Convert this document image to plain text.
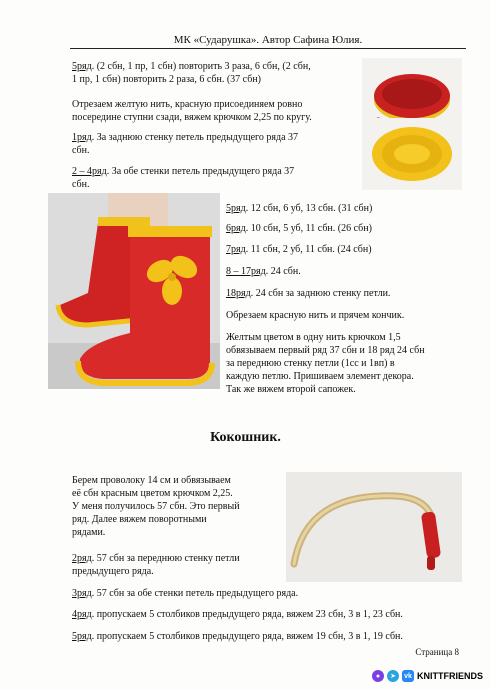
МК «Сударушка». Автор Сафина Юлия.
5ряд. (2 сбн, 1 пр, 1 сбн) повторить 3 раза, 6 сбн, (2 сбн,
1 пр, 1 сбн) повторить 2 раза, 6 сбн. (37 сбн)
Отрезаем желтую нить, красную присоединяем ровно
посередине ступни сзади, вяжем крючком 2,25 по кругу.
1ряд. За заднюю стенку петель предыдущего ряда 37
сбн.
2 – 4ряд. За обе стенки петель предыдущего ряда 37
сбн.
5ряд. 12 сбн, 6 уб, 13 сбн. (31 сбн)
6ряд. 10 сбн, 5 уб, 11 сбн. (26 сбн)
7ряд. 11 сбн, 2 уб, 11 сбн. (24 сбн)
8 – 17ряд. 24 сбн.
18ряд. 24 сбн за заднюю стенку петли.
Обрезаем красную нить и прячем кончик.
Желтым цветом в одну нить крючком 1,5
обвязываем первый ряд 37 сбн и 18 ряд 24 сбн
за переднюю стенку петли (1сс и 1вп) в
каждую петлю. Пришиваем элемент декора.
Так же вяжем второй сапожек.
Кокошник.
Берем проволоку 14 см и обвязываем
её сбн красным цветом крючком 2,25.
У меня получилось 57 сбн. Это первый
ряд. Далее вяжем поворотными
рядами.
2ряд. 57 сбн за переднюю стенку петли
предыдущего ряда.
3ряд. 57 сбн за обе стенки петель предыдущего ряда.
4ряд. пропускаем 5 столбиков предыдущего ряда, вяжем 23 сбн, 3 в 1, 23 сбн.
5ряд. пропускаем 5 столбиков предыдущего ряда, вяжем 19 сбн, 3 в 1, 19 сбн.
Страница 8
●	➤	vk KNITTFRIENDS
